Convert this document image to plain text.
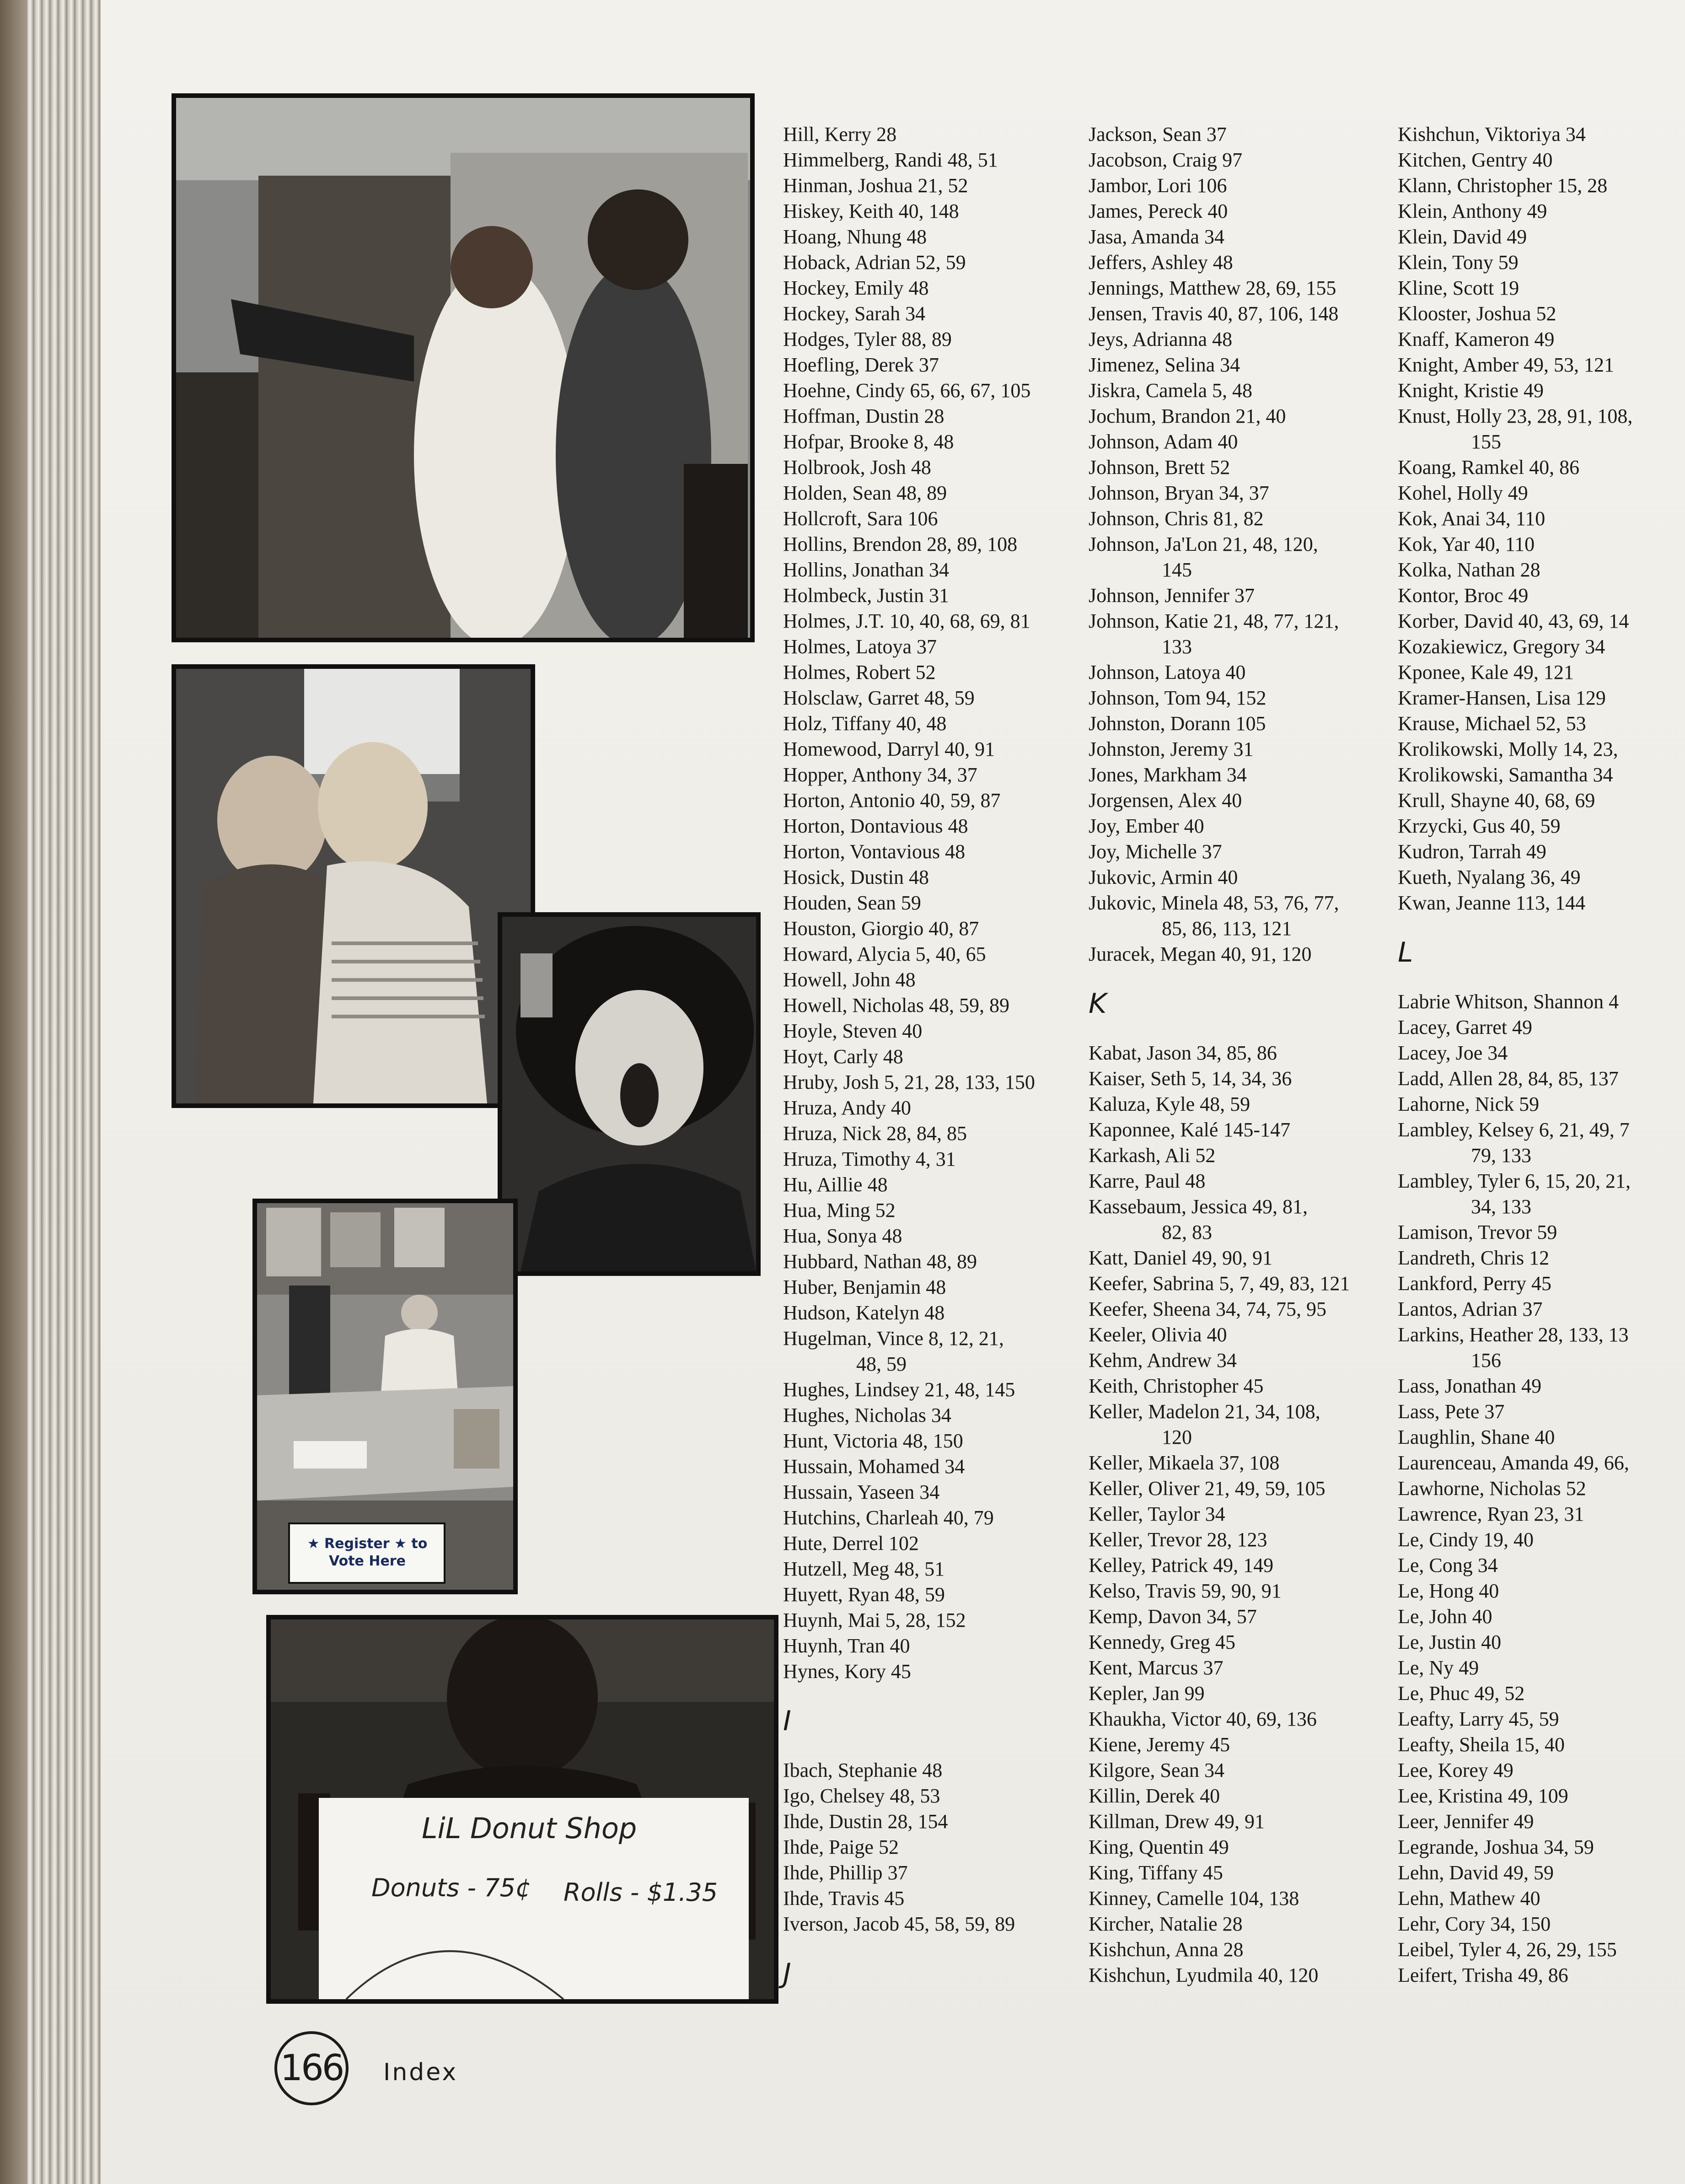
★ Register ★ to Vote Here
LiL Donut Shop
Donuts - 75¢ Rolls - $1.35
Hill, Kerry 28
Himmelberg, Randi 48, 51
Hinman, Joshua 21, 52
Hiskey, Keith 40, 148
Hoang, Nhung 48
Hoback, Adrian 52, 59
Hockey, Emily 48
Hockey, Sarah 34
Hodges, Tyler 88, 89
Hoefling, Derek 37
Hoehne, Cindy 65, 66, 67, 105
Hoffman, Dustin 28
Hofpar, Brooke 8, 48
Holbrook, Josh 48
Holden, Sean 48, 89
Hollcroft, Sara 106
Hollins, Brendon 28, 89, 108
Hollins, Jonathan 34
Holmbeck, Justin 31
Holmes, J.T. 10, 40, 68, 69, 81
Holmes, Latoya 37
Holmes, Robert 52
Holsclaw, Garret 48, 59
Holz, Tiffany 40, 48
Homewood, Darryl 40, 91
Hopper, Anthony 34, 37
Horton, Antonio 40, 59, 87
Horton, Dontavious 48
Horton, Vontavious 48
Hosick, Dustin 48
Houden, Sean 59
Houston, Giorgio 40, 87
Howard, Alycia 5, 40, 65
Howell, John 48
Howell, Nicholas 48, 59, 89
Hoyle, Steven 40
Hoyt, Carly 48
Hruby, Josh 5, 21, 28, 133, 150
Hruza, Andy 40
Hruza, Nick 28, 84, 85
Hruza, Timothy 4, 31
Hu, Aillie 48
Hua, Ming 52
Hua, Sonya 48
Hubbard, Nathan 48, 89
Huber, Benjamin 48
Hudson, Katelyn 48
Hugelman, Vince 8, 12, 21,
48, 59
Hughes, Lindsey 21, 48, 145
Hughes, Nicholas 34
Hunt, Victoria 48, 150
Hussain, Mohamed 34
Hussain, Yaseen 34
Hutchins, Charleah 40, 79
Hute, Derrel 102
Hutzell, Meg 48, 51
Huyett, Ryan 48, 59
Huynh, Mai 5, 28, 152
Huynh, Tran 40
Hynes, Kory 45
I
Ibach, Stephanie 48
Igo, Chelsey 48, 53
Ihde, Dustin 28, 154
Ihde, Paige 52
Ihde, Phillip 37
Ihde, Travis 45
Iverson, Jacob 45, 58, 59, 89
J
Jackson, Sean 37
Jacobson, Craig 97
Jambor, Lori 106
James, Pereck 40
Jasa, Amanda 34
Jeffers, Ashley 48
Jennings, Matthew 28, 69, 155
Jensen, Travis 40, 87, 106, 148
Jeys, Adrianna 48
Jimenez, Selina 34
Jiskra, Camela 5, 48
Jochum, Brandon 21, 40
Johnson, Adam 40
Johnson, Brett 52
Johnson, Bryan 34, 37
Johnson, Chris 81, 82
Johnson, Ja'Lon 21, 48, 120,
145
Johnson, Jennifer 37
Johnson, Katie 21, 48, 77, 121,
133
Johnson, Latoya 40
Johnson, Tom 94, 152
Johnston, Dorann 105
Johnston, Jeremy 31
Jones, Markham 34
Jorgensen, Alex 40
Joy, Ember 40
Joy, Michelle 37
Jukovic, Armin 40
Jukovic, Minela 48, 53, 76, 77,
85, 86, 113, 121
Juracek, Megan 40, 91, 120
K
Kabat, Jason 34, 85, 86
Kaiser, Seth 5, 14, 34, 36
Kaluza, Kyle 48, 59
Kaponnee, Kalé 145-147
Karkash, Ali 52
Karre, Paul 48
Kassebaum, Jessica 49, 81,
82, 83
Katt, Daniel 49, 90, 91
Keefer, Sabrina 5, 7, 49, 83, 121
Keefer, Sheena 34, 74, 75, 95
Keeler, Olivia 40
Kehm, Andrew 34
Keith, Christopher 45
Keller, Madelon 21, 34, 108,
120
Keller, Mikaela 37, 108
Keller, Oliver 21, 49, 59, 105
Keller, Taylor 34
Keller, Trevor 28, 123
Kelley, Patrick 49, 149
Kelso, Travis 59, 90, 91
Kemp, Davon 34, 57
Kennedy, Greg 45
Kent, Marcus 37
Kepler, Jan 99
Khaukha, Victor 40, 69, 136
Kiene, Jeremy 45
Kilgore, Sean 34
Killin, Derek 40
Killman, Drew 49, 91
King, Quentin 49
King, Tiffany 45
Kinney, Camelle 104, 138
Kircher, Natalie 28
Kishchun, Anna 28
Kishchun, Lyudmila 40, 120
Kishchun, Viktoriya 34
Kitchen, Gentry 40
Klann, Christopher 15, 28
Klein, Anthony 49
Klein, David 49
Klein, Tony 59
Kline, Scott 19
Klooster, Joshua 52
Knaff, Kameron 49
Knight, Amber 49, 53, 121
Knight, Kristie 49
Knust, Holly 23, 28, 91, 108,
155
Koang, Ramkel 40, 86
Kohel, Holly 49
Kok, Anai 34, 110
Kok, Yar 40, 110
Kolka, Nathan 28
Kontor, Broc 49
Korber, David 40, 43, 69, 14
Kozakiewicz, Gregory 34
Kponee, Kale 49, 121
Kramer-Hansen, Lisa 129
Krause, Michael 52, 53
Krolikowski, Molly 14, 23,
Krolikowski, Samantha 34
Krull, Shayne 40, 68, 69
Krzycki, Gus 40, 59
Kudron, Tarrah 49
Kueth, Nyalang 36, 49
Kwan, Jeanne 113, 144
L
Labrie Whitson, Shannon 4
Lacey, Garret 49
Lacey, Joe 34
Ladd, Allen 28, 84, 85, 137
Lahorne, Nick 59
Lambley, Kelsey 6, 21, 49, 7
79, 133
Lambley, Tyler 6, 15, 20, 21,
34, 133
Lamison, Trevor 59
Landreth, Chris 12
Lankford, Perry 45
Lantos, Adrian 37
Larkins, Heather 28, 133, 13
156
Lass, Jonathan 49
Lass, Pete 37
Laughlin, Shane 40
Laurenceau, Amanda 49, 66,
Lawhorne, Nicholas 52
Lawrence, Ryan 23, 31
Le, Cindy 19, 40
Le, Cong 34
Le, Hong 40
Le, John 40
Le, Justin 40
Le, Ny 49
Le, Phuc 49, 52
Leafty, Larry 45, 59
Leafty, Sheila 15, 40
Lee, Korey 49
Lee, Kristina 49, 109
Leer, Jennifer 49
Legrande, Joshua 34, 59
Lehn, David 49, 59
Lehn, Mathew 40
Lehr, Cory 34, 150
Leibel, Tyler 4, 26, 29, 155
Leifert, Trisha 49, 86
166 Index
